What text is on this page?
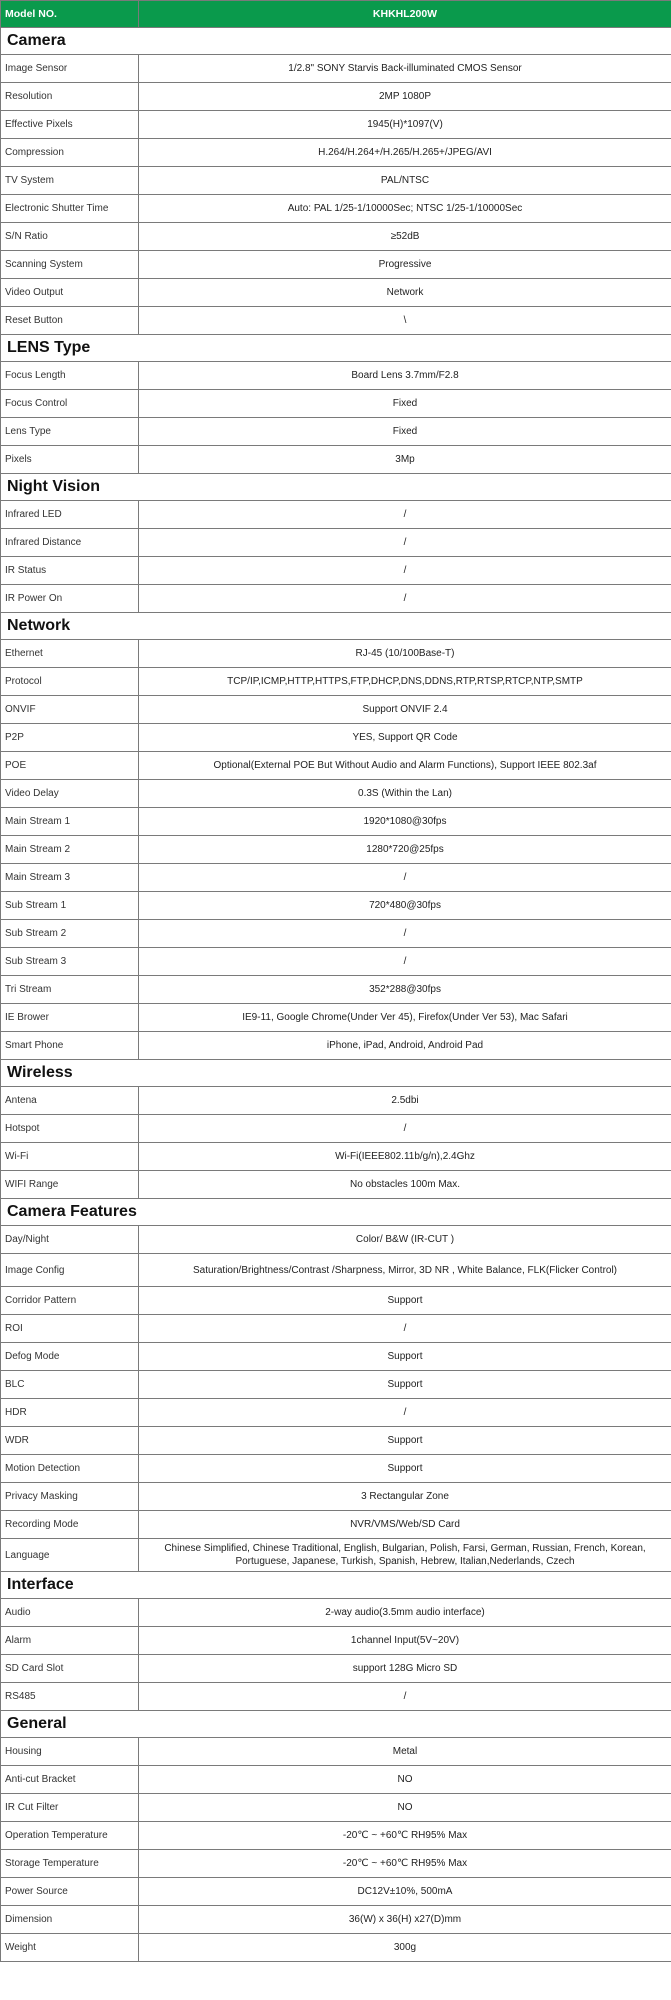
Model NO.	KHKHL200W
Camera	
Image Sensor	1/2.8" SONY Starvis Back-illuminated CMOS Sensor
Resolution	2MP 1080P
Effective Pixels	1945(H)*1097(V)
Compression	H.264/H.264+/H.265/H.265+/JPEG/AVI
TV System	PAL/NTSC
Electronic Shutter Time	Auto: PAL 1/25-1/10000Sec; NTSC 1/25-1/10000Sec
S/N Ratio	≥52dB
Scanning System	Progressive
Video Output	Network
Reset Button	\
LENS Type	
Focus Length	Board Lens 3.7mm/F2.8
Focus Control	Fixed
Lens Type	Fixed
Pixels	3Mp
Night Vision	
Infrared LED	/
Infrared Distance	/
IR Status	/
IR Power On	/
Network	
Ethernet	RJ-45 (10/100Base-T)
Protocol	TCP/IP,ICMP,HTTP,HTTPS,FTP,DHCP,DNS,DDNS,RTP,RTSP,RTCP,NTP,SMTP
ONVIF	Support ONVIF 2.4
P2P	YES, Support QR Code
POE	Optional(External POE But Without Audio and Alarm Functions), Support IEEE 802.3af
Video Delay	0.3S (Within the Lan)
Main Stream 1	1920*1080@30fps
Main Stream 2	1280*720@25fps
Main Stream 3	/
Sub Stream 1	720*480@30fps
Sub Stream 2	/
Sub Stream 3	/
Tri Stream	352*288@30fps
IE Brower	IE9-11, Google Chrome(Under Ver 45), Firefox(Under Ver 53), Mac Safari
Smart Phone	iPhone, iPad, Android, Android Pad
Wireless	
Antena	2.5dbi
Hotspot	/
Wi-Fi	Wi-Fi(IEEE802.11b/g/n),2.4Ghz
WIFI Range	No obstacles 100m Max.
Camera Features	
Day/Night	Color/ B&W (IR-CUT )
Image Config	Saturation/Brightness/Contrast /Sharpness, Mirror, 3D NR , White Balance, FLK(Flicker Control)
Corridor Pattern	Support
ROI	/
Defog Mode	Support
BLC	Support
HDR	/
WDR	Support
Motion Detection	Support
Privacy Masking	3 Rectangular Zone
Recording Mode	NVR/VMS/Web/SD Card
Language	Chinese Simplified, Chinese Traditional, English, Bulgarian, Polish, Farsi, German, Russian, French, Korean, Portuguese, Japanese, Turkish, Spanish, Hebrew, Italian,Nederlands, Czech
Interface	
Audio	2-way audio(3.5mm audio interface)
Alarm	1channel Input(5V~20V)
SD Card Slot	support 128G Micro SD
RS485	/
General	
Housing	Metal
Anti-cut Bracket	NO
IR Cut Filter	NO
Operation Temperature	-20℃ ~ +60℃ RH95% Max
Storage Temperature	-20℃ ~ +60℃ RH95% Max
Power Source	DC12V±10%, 500mA
Dimension	36(W) x 36(H) x27(D)mm
Weight	300g
